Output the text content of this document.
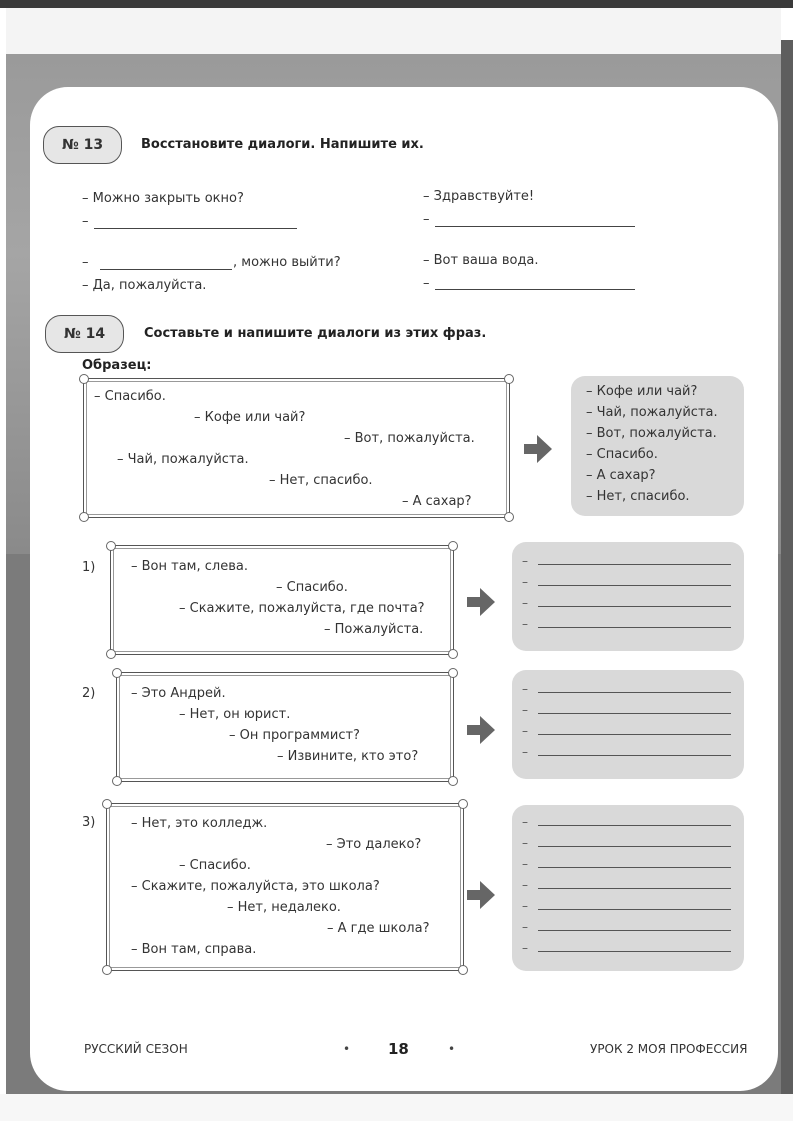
№ 13	Восстановите диалоги. Напишите их.
– Можно закрыть окно?
–
–	, можно выйти?
– Да, пожалуйста.
– Здравствуйте!
–
– Вот ваша вода.
–
№ 14	Составьте и напишите диалоги из этих фраз.
Образец:
– Спасибо.
– Кофе или чай?
– Вот, пожалуйста.
– Чай, пожалуйста.
– Нет, спасибо.
– А сахар?
– Кофе или чай?
– Чай, пожалуйста.
– Вот, пожалуйста.
– Спасибо.
– А сахар?
– Нет, спасибо.
1)	– Вон там, слева.
– Спасибо.
– Скажите, пожалуйста, где почта?
– Пожалуйста.
–
–
–
–
2)	– Это Андрей.
– Нет, он юрист.
– Он программист?
– Извините, кто это?
–
–
–
–
3)	– Нет, это колледж.
– Это далеко?
– Спасибо.
– Скажите, пожалуйста, это школа?
– Нет, недалеко.
– А где школа?
– Вон там, справа.
–
–
–
–
–
–
–
РУССКИЙ СЕЗОН	•	18	•	УРОК 2 МОЯ ПРОФЕССИЯ
